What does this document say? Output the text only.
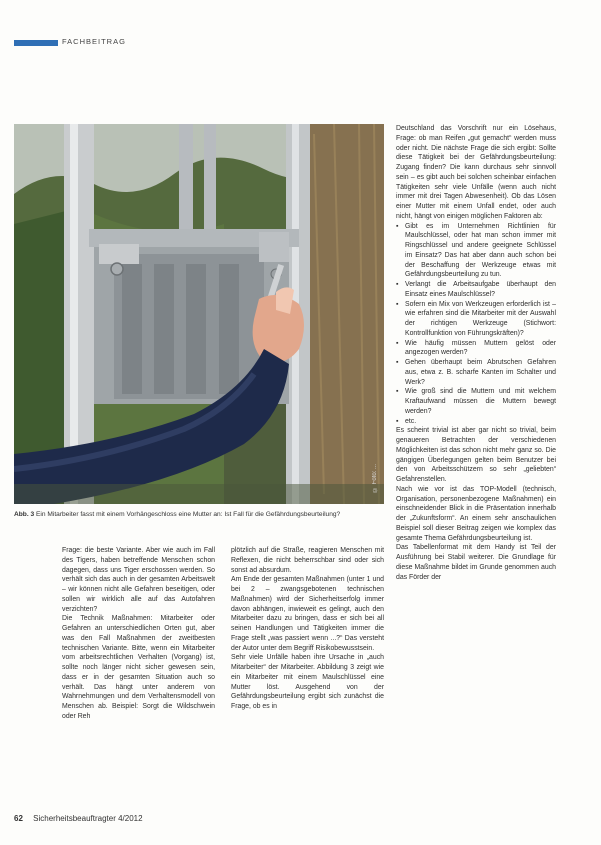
FACHBEITRAG
© Foto: ...
Abb. 3 Ein Mitarbeiter fasst mit einem Vorhängeschloss eine Mutter an: Ist Fall für die Gefährdungsbeurteilung?

Frage: die beste Variante. Aber wie auch im Fall des Tigers, haben betreffende Menschen schon dagegen, dass uns Tiger erschossen werden. So verhält sich das auch in der gesamten Arbeitswelt – wir können nicht alle Gefahren beseitigen, oder sollen wir wirklich alle auf das Autofahren verzichten?

Die Technik Maßnahmen: Mitarbeiter oder Gefahren an unterschiedlichen Orten gut, aber was den Fall Maßnahmen der zweitbesten technischen Variante. Bitte, wenn ein Mitarbeiter vom arbeitsrechtlichen Verhalten (Vorgang) ist, sollte noch länger nicht sicher gewesen sein, dass er in der gesamten Situation auch so verhält. Das hängt unter anderem von Wahrnehmungen und dem Verhaltensmodell von Menschen ab. Beispiel: Sorgt die Wildschwein oder Reh

plötzlich auf die Straße, reagieren Menschen mit Reflexen, die nicht beherrschbar sind oder sich sonst ad absurdum.

Am Ende der gesamten Maßnahmen (unter 1 und bei 2 – zwangsgebotenen technischen Maßnahmen) wird der Sicherheitserfolg immer davon abhängen, inwieweit es gelingt, auch den Mitarbeiter dazu zu bringen, dass er sich bei all seinen Handlungen und Tätigkeiten immer die Frage stellt „was passiert wenn ...?“ Das versteht der Autor unter dem Begriff Risikobewusstsein.

Sehr viele Unfälle haben ihre Ursache in „auch Mitarbeiter“ der Mitarbeiter. Abbildung 3 zeigt wie ein Mitarbeiter mit einem Maulschlüssel eine Mutter löst. Ausgehend von der Gefährdungsbeurteilung ergibt sich zunächst die Frage, ob es in

Deutschland das Vorschrift nur ein Lösehaus, Frage: ob man Reifen „gut gemacht“ werden muss oder nicht. Die nächste Frage die sich ergibt: Sollte diese Tätigkeit bei der Gefährdungsbeurteilung: Zugang finden? Die kann durchaus sehr sinnvoll sein – es gibt auch bei solchen scheinbar einfachen Tätigkeiten sehr viele Unfälle (wenn auch nicht immer mit drei Tagen Abwesenheit). Ob das Lösen einer Mutter mit einem Unfall endet, oder auch nicht, hängt von einigen möglichen Faktoren ab:

▪ Gibt es im Unternehmen Richtlinien für Maulschlüssel, oder hat man schon immer mit Ringschlüssel und andere geeignete Schlüssel im Einsatz? Das hat aber dann auch schon bei der Beschaffung der Werkzeuge etwas mit Gefährdungsbeurteilung zu tun.
▪ Verlangt die Arbeitsaufgabe überhaupt den Einsatz eines Maulschlüssel?
▪ Sofern ein Mix von Werkzeugen erforderlich ist – wie erfahren sind die Mitarbeiter mit der Auswahl der richtigen Werkzeuge (Stichwort: Kontrollfunktion von Führungskräften)?
▪ Wie häufig müssen Muttern gelöst oder angezogen werden?
▪ Gehen überhaupt beim Abrutschen Gefahren aus, etwa z. B. scharfe Kanten im Schalter und Werk?
▪ Wie groß sind die Muttern und mit welchem Kraftaufwand müssen die Muttern bewegt werden?
▪ etc.

Es scheint trivial ist aber gar nicht so trivial, beim genaueren Betrachten der verschiedenen Möglichkeiten ist das schon nicht mehr ganz so. Die gängigen Überlegungen gelten beim Benutzer bei den von Arbeitsschützern so sehr „geliebten“ Gefahrenstellen.

Nach wie vor ist das TOP-Modell (technisch, Organisation, personenbezogene Maßnahmen) ein einschneidender Blick in die Präsentation innerhalb der „Zukunftsform“. An einem sehr anschaulichen Beispiel soll dieser Beitrag zeigen wie komplex das gesamte Thema Gefährdungsbeurteilung ist.

Das Tabellenformat mit dem Handy ist Teil der Ausführung bei Stabil weiterer. Die Grundlage für diese Maßnahme bildet im Grunde genommen auch das Förder der

62 Sicherheitsbeauftragter 4/2012
